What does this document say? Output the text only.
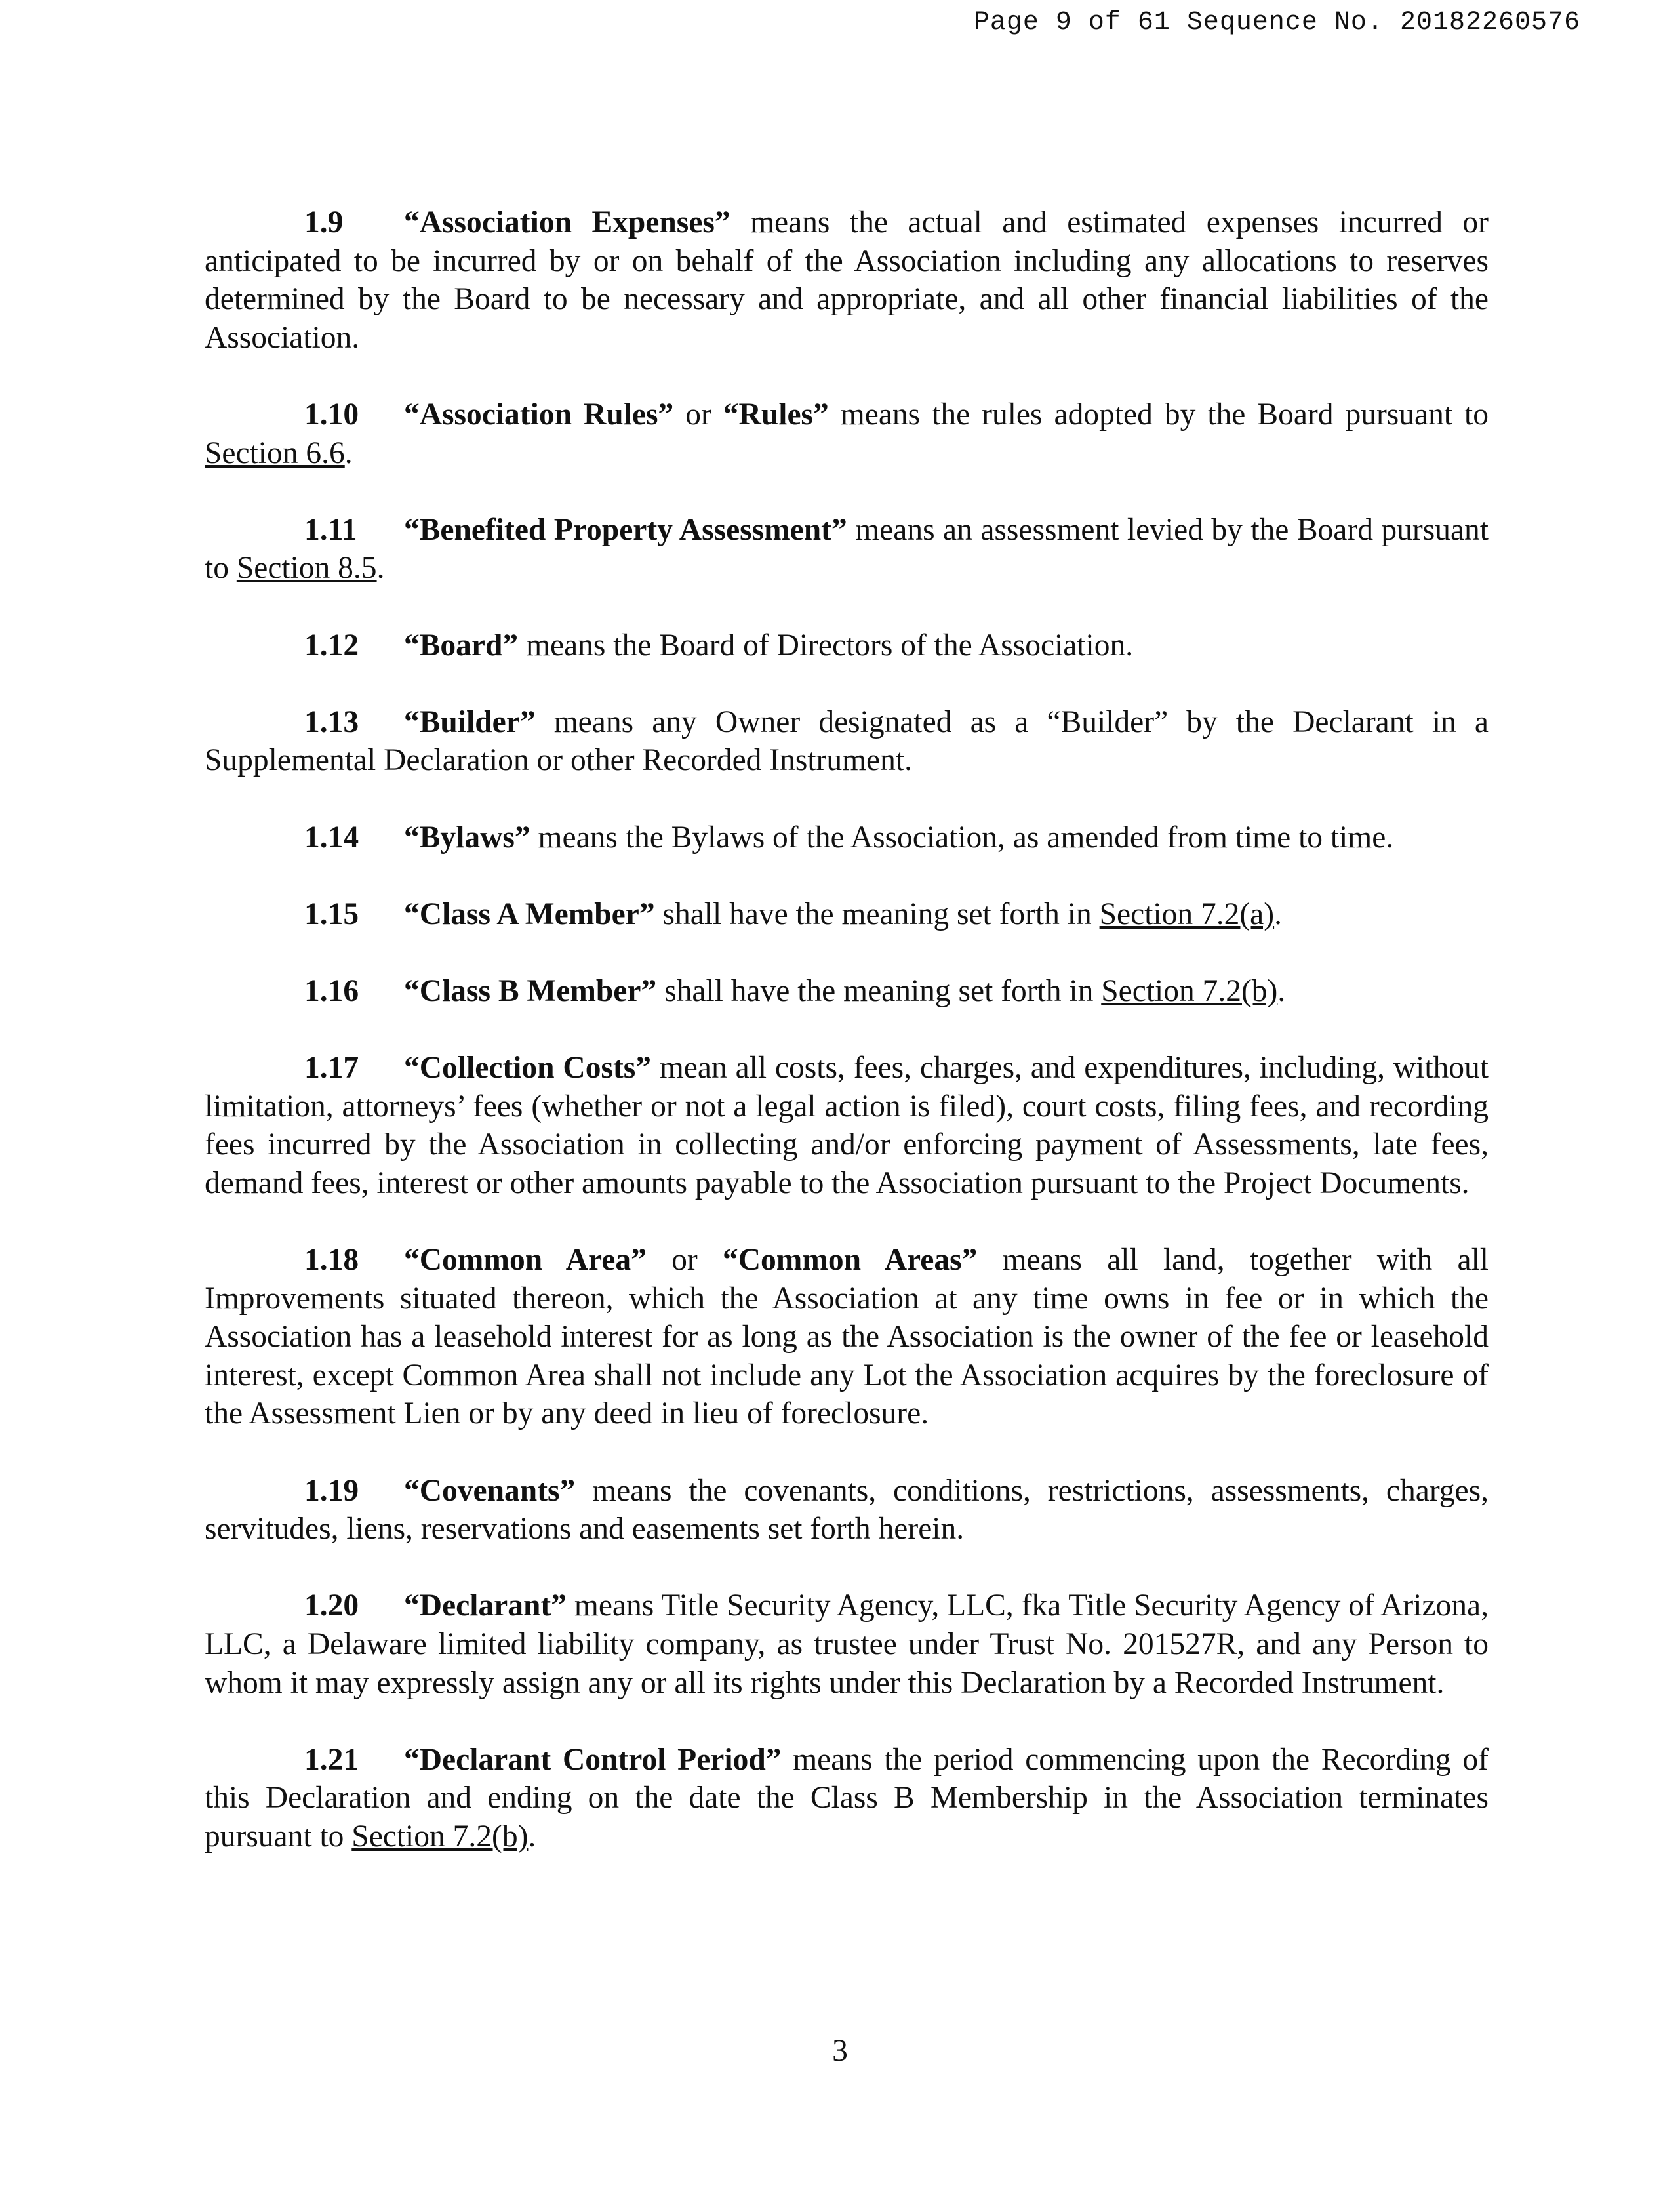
Page 9 of 61 Sequence No. 20182260576

1.9 “Association Expenses” means the actual and estimated expenses incurred or anticipated to be incurred by or on behalf of the Association including any allocations to reserves determined by the Board to be necessary and appropriate, and all other financial liabilities of the Association.

1.10 “Association Rules” or “Rules” means the rules adopted by the Board pursuant to Section 6.6.

1.11 “Benefited Property Assessment” means an assessment levied by the Board pursuant to Section 8.5.

1.12 “Board” means the Board of Directors of the Association.

1.13 “Builder” means any Owner designated as a “Builder” by the Declarant in a Supplemental Declaration or other Recorded Instrument.

1.14 “Bylaws” means the Bylaws of the Association, as amended from time to time.

1.15 “Class A Member” shall have the meaning set forth in Section 7.2(a).

1.16 “Class B Member” shall have the meaning set forth in Section 7.2(b).

1.17 “Collection Costs” mean all costs, fees, charges, and expenditures, including, without limitation, attorneys’ fees (whether or not a legal action is filed), court costs, filing fees, and recording fees incurred by the Association in collecting and/or enforcing payment of Assessments, late fees, demand fees, interest or other amounts payable to the Association pursuant to the Project Documents.

1.18 “Common Area” or “Common Areas” means all land, together with all Improvements situated thereon, which the Association at any time owns in fee or in which the Association has a leasehold interest for as long as the Association is the owner of the fee or leasehold interest, except Common Area shall not include any Lot the Association acquires by the foreclosure of the Assessment Lien or by any deed in lieu of foreclosure.

1.19 “Covenants” means the covenants, conditions, restrictions, assessments, charges, servitudes, liens, reservations and easements set forth herein.

1.20 “Declarant” means Title Security Agency, LLC, fka Title Security Agency of Arizona, LLC, a Delaware limited liability company, as trustee under Trust No. 201527R, and any Person to whom it may expressly assign any or all its rights under this Declaration by a Recorded Instrument.

1.21 “Declarant Control Period” means the period commencing upon the Recording of this Declaration and ending on the date the Class B Membership in the Association terminates pursuant to Section 7.2(b).

3
